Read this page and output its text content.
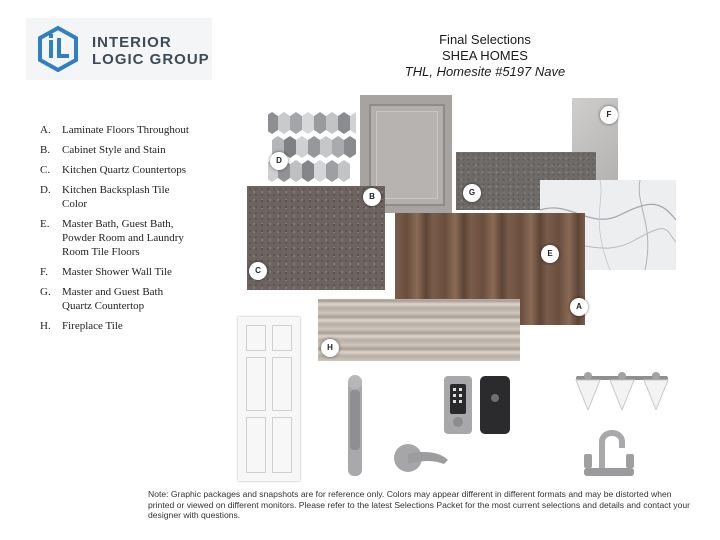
INTERIOR
LOGIC GROUP
Final Selections
SHEA HOMES
THL, Homesite #5197 Nave
A.	Laminate Floors Throughout
B.	Cabinet Style and Stain
C.	Kitchen Quartz Countertops
D.	Kitchen Backsplash Tile Color
E.	Master Bath, Guest Bath, Powder Room and Laundry Room Tile Floors
F.	Master Shower Wall Tile
G.	Master and Guest Bath Quartz Countertop
H.	Fireplace Tile
A
B
C
D
E
F
G
H
Note: Graphic packages and snapshots are for reference only. Colors may appear different in different formats and may be distorted when printed or viewed on different monitors. Please refer to the latest Selections Packet for the most current selections and details and contact your designer with questions.
